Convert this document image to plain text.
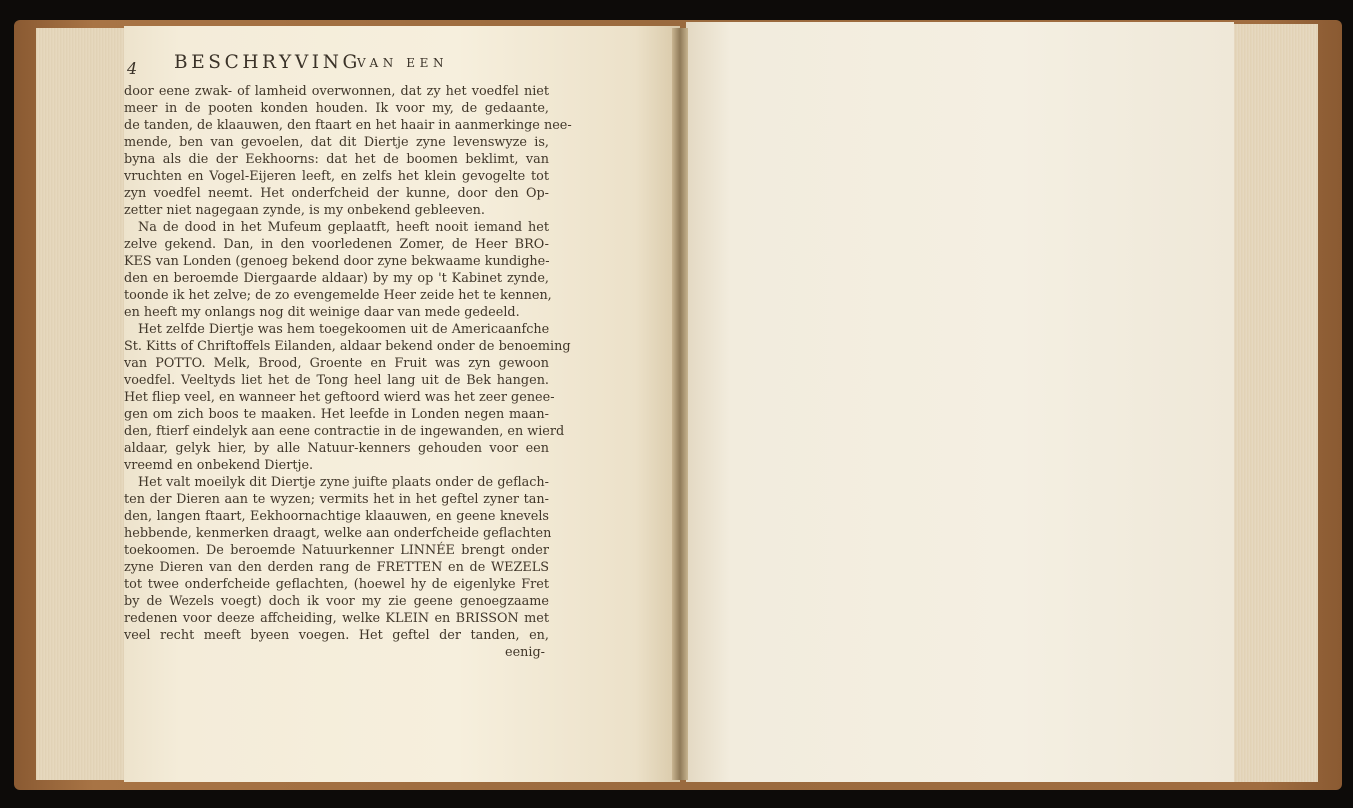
4 BESCHRYVING
VAN EEN
door eene zwak- of lamheid overwonnen, dat zy het voedfel niet
meer in de pooten konden houden. Ik voor my, de gedaante,
de tanden, de klaauwen, den ftaart en het haair in aanmerkinge nee-
mende, ben van gevoelen, dat dit Diertje zyne levenswyze is,
byna als die der Eekhoorns: dat het de boomen beklimt, van
vruchten en Vogel-Eijeren leeft, en zelfs het klein gevogelte tot
zyn voedfel neemt. Het onderfcheid der kunne, door den Op-
zetter niet nagegaan zynde, is my onbekend gebleeven.
Na de dood in het Mufeum geplaatft, heeft nooit iemand het
zelve gekend. Dan, in den voorledenen Zomer, de Heer BRO-
KES van Londen (genoeg bekend door zyne bekwaame kundighe-
den en beroemde Diergaarde aldaar) by my op 't Kabinet zynde,
toonde ik het zelve; de zo evengemelde Heer zeide het te kennen,
en heeft my onlangs nog dit weinige daar van mede gedeeld.
Het zelfde Diertje was hem toegekoomen uit de Americaanfche
St. Kitts of Chriftoffels Eilanden, aldaar bekend onder de benoeming
van POTTO. Melk, Brood, Groente en Fruit was zyn gewoon
voedfel. Veeltyds liet het de Tong heel lang uit de Bek hangen.
Het fliep veel, en wanneer het geftoord wierd was het zeer genee-
gen om zich boos te maaken. Het leefde in Londen negen maan-
den, ftierf eindelyk aan eene contractie in de ingewanden, en wierd
aldaar, gelyk hier, by alle Natuur-kenners gehouden voor een
vreemd en onbekend Diertje.
Het valt moeilyk dit Diertje zyne juifte plaats onder de geflach-
ten der Dieren aan te wyzen; vermits het in het geftel zyner tan-
den, langen ftaart, Eekhoornachtige klaauwen, en geene knevels
hebbende, kenmerken draagt, welke aan onderfcheide geflachten
toekoomen. De beroemde Natuurkenner LINNÉE brengt onder
zyne Dieren van den derden rang de FRETTEN en de WEZELS
tot twee onderfcheide geflachten, (hoewel hy de eigenlyke Fret
by de Wezels voegt) doch ik voor my zie geene genoegzaame
redenen voor deeze affcheiding, welke KLEIN en BRISSON met
veel recht meeft byeen voegen. Het geftel der tanden, en,
eenig-
